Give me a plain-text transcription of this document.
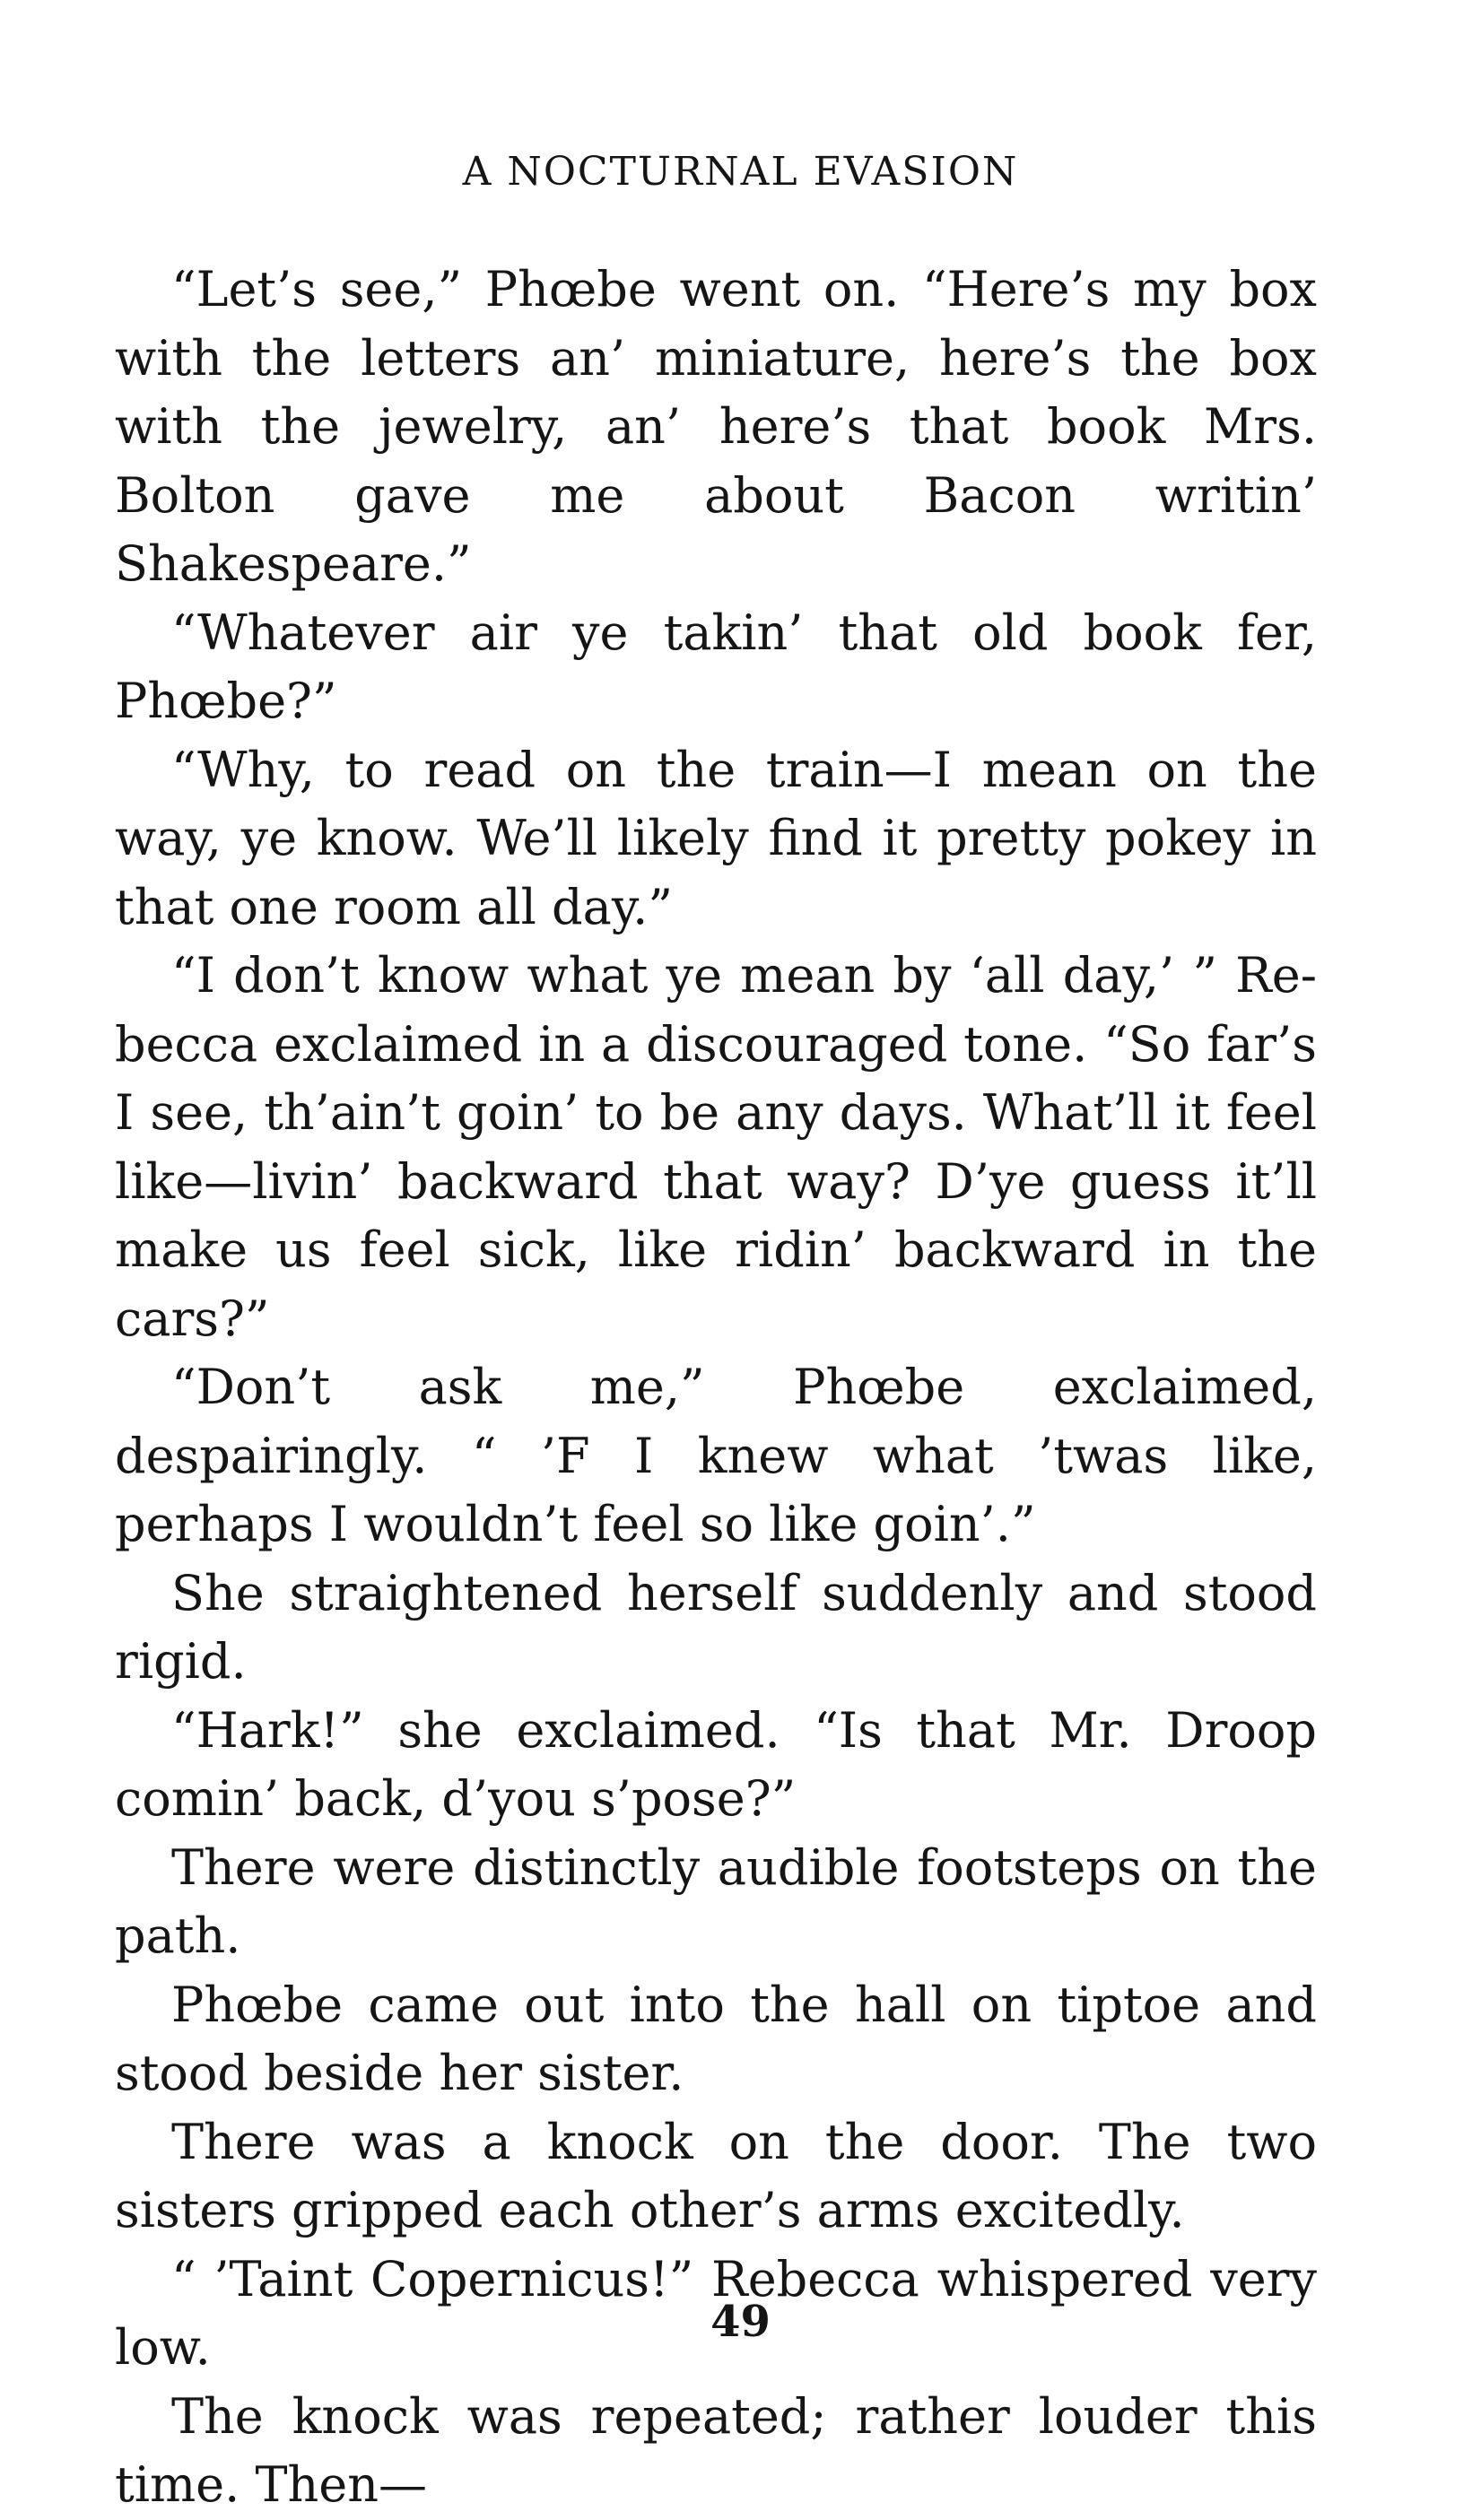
A NOCTURNAL EVASION

“Let’s see,” Phœbe went on. “Here’s my box with the letters an’ miniature, here’s the box with the jewelry, an’ here’s that book Mrs. Bolton gave me about Bacon writin’ Shakespeare.”

“Whatever air ye takin’ that old book fer, Phœbe?”

“Why, to read on the train—I mean on the way, ye know. We’ll likely find it pretty pokey in that one room all day.”

“I don’t know what ye mean by ‘all day,’ ” Rebecca exclaimed in a discouraged tone. “So far’s I see, th’ain’t goin’ to be any days. What’ll it feel like—livin’ backward that way? D’ye guess it’ll make us feel sick, like ridin’ backward in the cars?”

“Don’t ask me,” Phœbe exclaimed, despairingly. “ ’F I knew what ’twas like, perhaps I wouldn’t feel so like goin’.”

She straightened herself suddenly and stood rigid.

“Hark!” she exclaimed. “Is that Mr. Droop comin’ back, d’you s’pose?”

There were distinctly audible footsteps on the path.

Phœbe came out into the hall on tiptoe and stood beside her sister.

There was a knock on the door. The two sisters gripped each other’s arms excitedly.

“ ’Taint Copernicus!” Rebecca whispered very low.

The knock was repeated; rather louder this time. Then—

49
